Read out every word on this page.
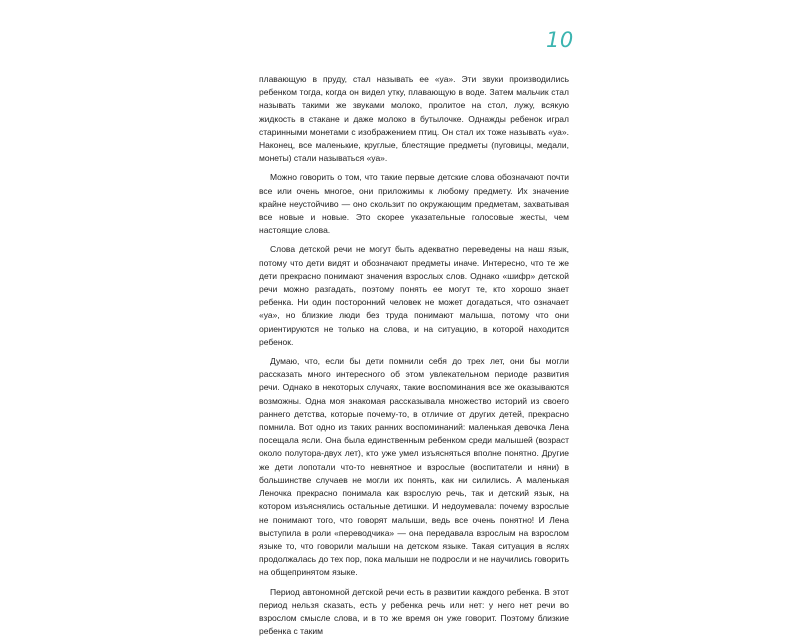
10

плавающую в пруду, стал называть ее «уа». Эти звуки производились ребенком тогда, когда он видел утку, плавающую в воде. Затем мальчик стал называть такими же звуками молоко, пролитое на стол, лужу, всякую жидкость в стакане и даже молоко в бутылочке. Однажды ребенок играл старинными монетами с изображением птиц. Он стал их тоже называть «уа». Наконец, все маленькие, круглые, блестящие предметы (пуговицы, медали, монеты) стали называться «уа».

Можно говорить о том, что такие первые детские слова обозначают почти все или очень многое, они приложимы к любому предмету. Их значение крайне неустойчиво — оно скользит по окружающим предметам, захватывая все новые и новые. Это скорее указательные голосовые жесты, чем настоящие слова.

Слова детской речи не могут быть адекватно переведены на наш язык, потому что дети видят и обозначают предметы иначе. Интересно, что те же дети прекрасно понимают значения взрослых слов. Однако «шифр» детской речи можно разгадать, поэтому понять ее могут те, кто хорошо знает ребенка. Ни один посторонний человек не может догадаться, что означает «уа», но близкие люди без труда понимают малыша, потому что они ориентируются не только на слова, и на ситуацию, в которой находится ребенок.

Думаю, что, если бы дети помнили себя до трех лет, они бы могли рассказать много интересного об этом увлекательном периоде развития речи. Однако в некоторых случаях, такие воспоминания все же оказываются возможны. Одна моя знакомая рассказывала множество историй из своего раннего детства, которые почему-то, в отличие от других детей, прекрасно помнила. Вот одно из таких ранних воспоминаний: маленькая девочка Лена посещала ясли. Она была единственным ребенком среди малышей (возраст около полутора-двух лет), кто уже умел изъясняться вполне понятно. Другие же дети лопотали что-то невнятное и взрослые (воспитатели и няни) в большинстве случаев не могли их понять, как ни силились. А маленькая Леночка прекрасно понимала как взрослую речь, так и детский язык, на котором изъяснялись остальные детишки. И недоумевала: почему взрослые не понимают того, что говорят малыши, ведь все очень понятно! И Лена выступила в роли «переводчика» — она передавала взрослым на взрослом языке то, что говорили малыши на детском языке. Такая ситуация в яслях продолжалась до тех пор, пока малыши не подросли и не научились говорить на общепринятом языке.

Период автономной детской речи есть в развитии каждого ребенка. В этот период нельзя сказать, есть у ребенка речь или нет: у него нет речи во взрослом смысле слова, и в то же время он уже говорит. Поэтому близкие ребенка с таким
